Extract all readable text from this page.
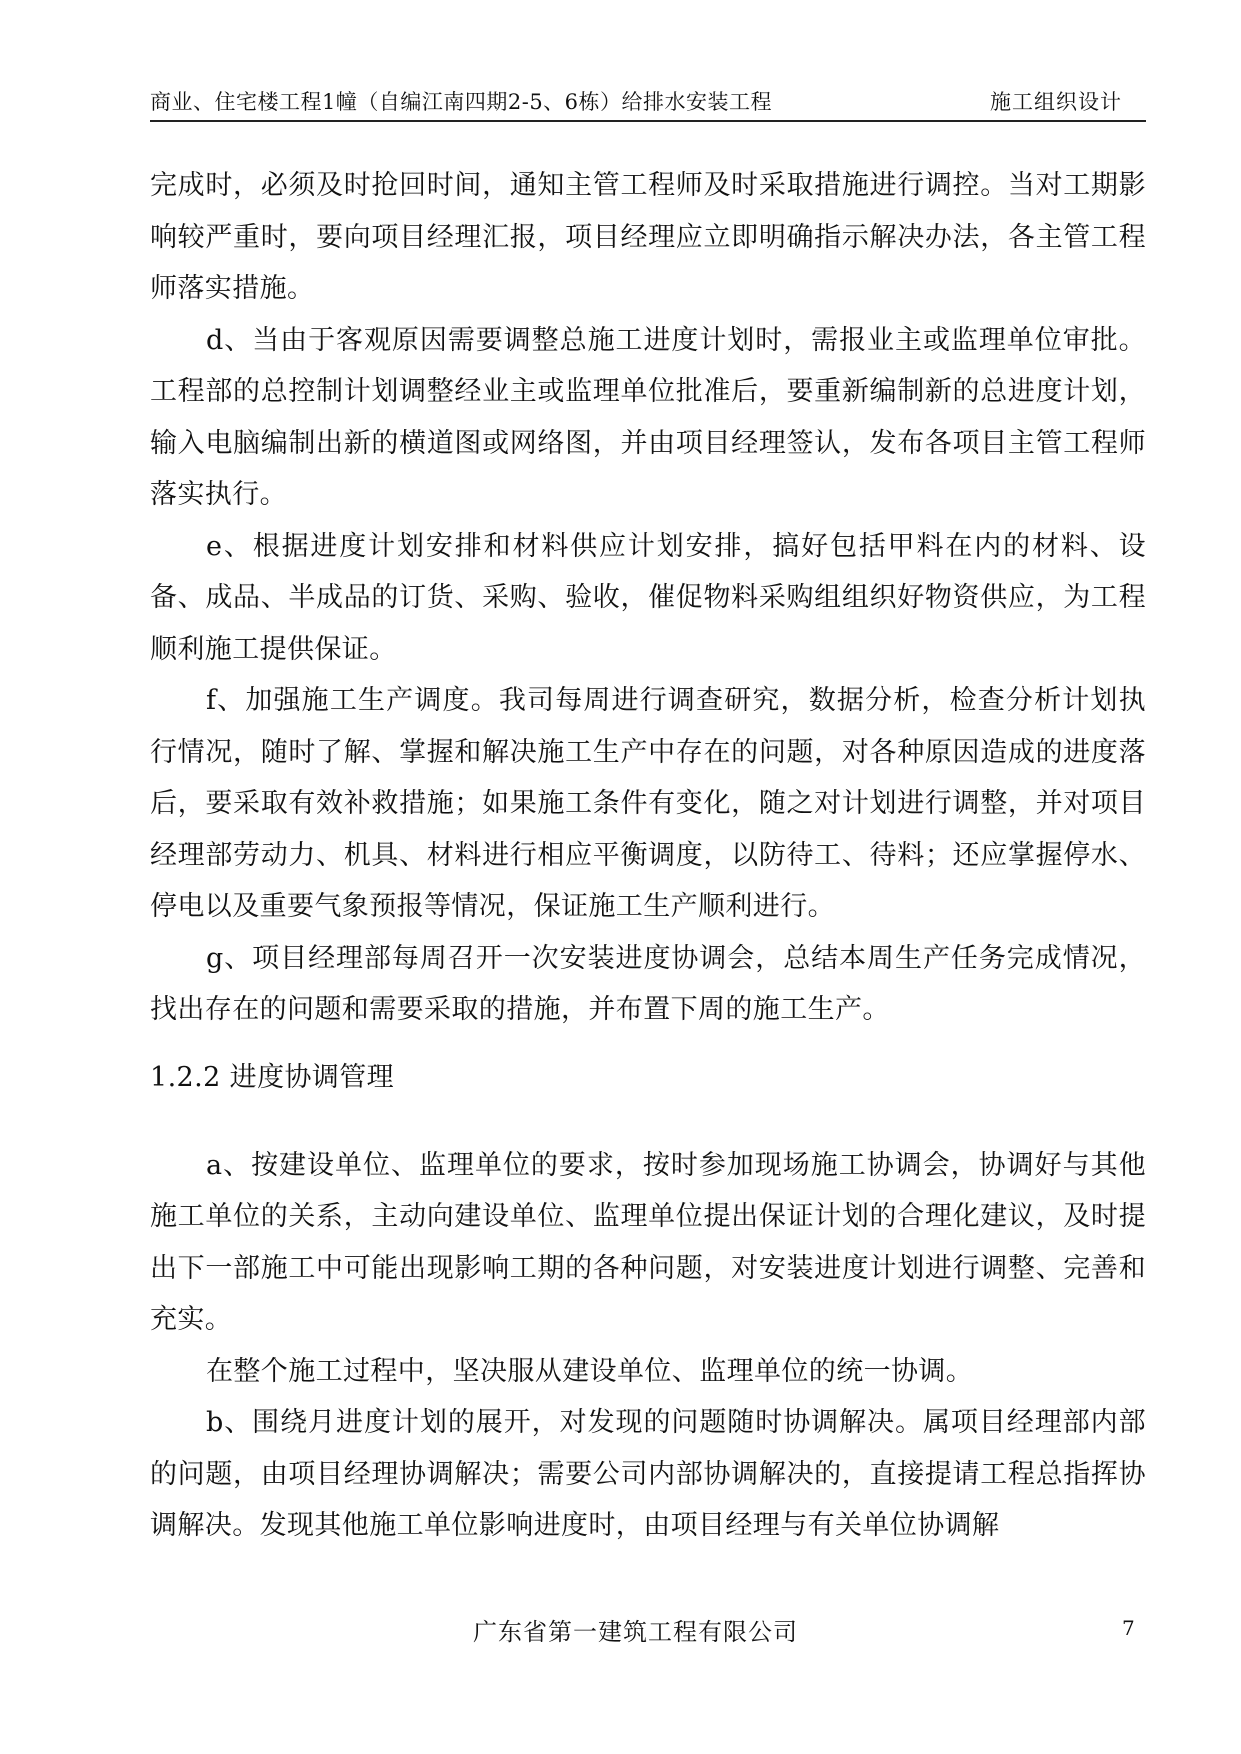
商业、住宅楼工程1幢（自编江南四期2-5、6栋）给排水安装工程	施工组织设计

完成时，必须及时抢回时间，通知主管工程师及时采取措施进行调控。当对工期影响较严重时，要向项目经理汇报，项目经理应立即明确指示解决办法，各主管工程师落实措施。

d、当由于客观原因需要调整总施工进度计划时，需报业主或监理单位审批。工程部的总控制计划调整经业主或监理单位批准后，要重新编制新的总进度计划，输入电脑编制出新的横道图或网络图，并由项目经理签认，发布各项目主管工程师落实执行。

e、根据进度计划安排和材料供应计划安排，搞好包括甲料在内的材料、设备、成品、半成品的订货、采购、验收，催促物料采购组组织好物资供应，为工程顺利施工提供保证。

f、加强施工生产调度。我司每周进行调查研究，数据分析，检查分析计划执行情况，随时了解、掌握和解决施工生产中存在的问题，对各种原因造成的进度落后，要采取有效补救措施；如果施工条件有变化，随之对计划进行调整，并对项目经理部劳动力、机具、材料进行相应平衡调度，以防待工、待料；还应掌握停水、停电以及重要气象预报等情况，保证施工生产顺利进行。

g、项目经理部每周召开一次安装进度协调会，总结本周生产任务完成情况，找出存在的问题和需要采取的措施，并布置下周的施工生产。

1.2.2 进度协调管理

a、按建设单位、监理单位的要求，按时参加现场施工协调会，协调好与其他施工单位的关系，主动向建设单位、监理单位提出保证计划的合理化建议，及时提出下一部施工中可能出现影响工期的各种问题，对安装进度计划进行调整、完善和充实。

在整个施工过程中，坚决服从建设单位、监理单位的统一协调。

b、围绕月进度计划的展开，对发现的问题随时协调解决。属项目经理部内部的问题，由项目经理协调解决；需要公司内部协调解决的，直接提请工程总指挥协调解决。发现其他施工单位影响进度时，由项目经理与有关单位协调解

广东省第一建筑工程有限公司	7
